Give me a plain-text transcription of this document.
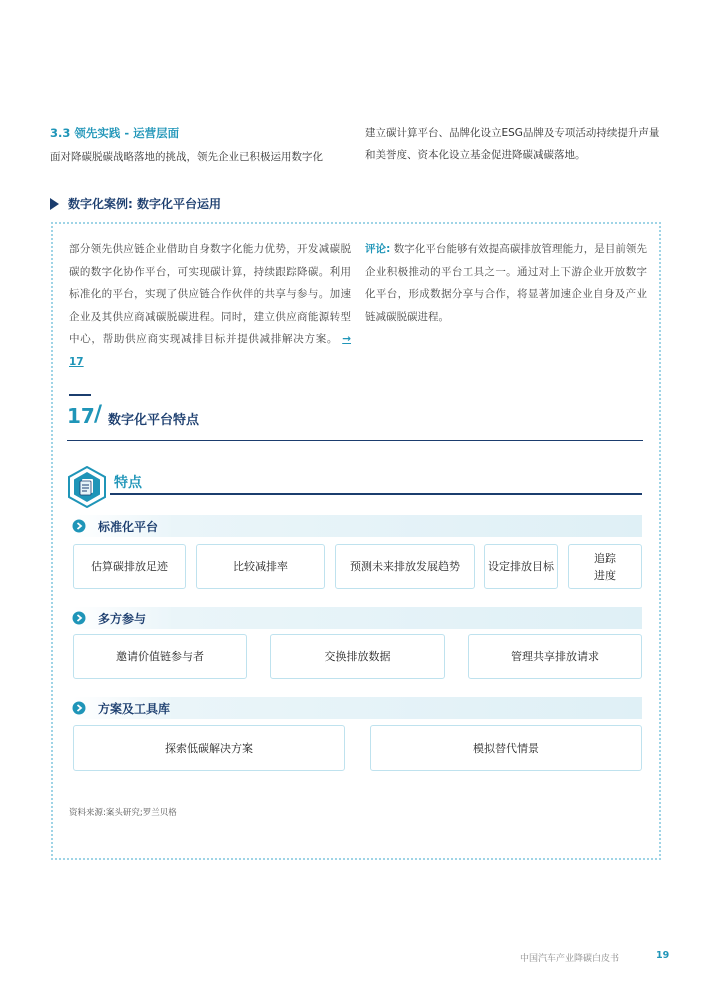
3.3 领先实践 - 运营层面
面对降碳脱碳战略落地的挑战，领先企业已积极运用数字化
建立碳计算平台、品牌化设立ESG品牌及专项活动持续提升声量和美誉度、资本化设立基金促进降碳减碳落地。
数字化案例: 数字化平台运用
部分领先供应链企业借助自身数字化能力优势，开发减碳脱碳的数字化协作平台，可实现碳计算，持续跟踪降碳。利用标准化的平台，实现了供应链合作伙伴的共享与参与。加速企业及其供应商减碳脱碳进程。同时，建立供应商能源转型中心，帮助供应商实现减排目标并提供减排解决方案。 → 17
评论: 数字化平台能够有效提高碳排放管理能力，是目前领先企业积极推动的平台工具之一。通过对上下游企业开放数字化平台，形成数据分享与合作，将显著加速企业自身及产业链减碳脱碳进程。
17 / 数字化平台特点
特点
标准化平台
估算碳排放足迹	比较减排率	预测未来排放发展趋势	设定排放目标
追踪
进度
多方参与
邀请价值链参与者	交换排放数据	管理共享排放请求
方案及工具库
探索低碳解决方案	模拟替代情景
资料来源:案头研究;罗兰贝格
中国汽车产业降碳白皮书	19
